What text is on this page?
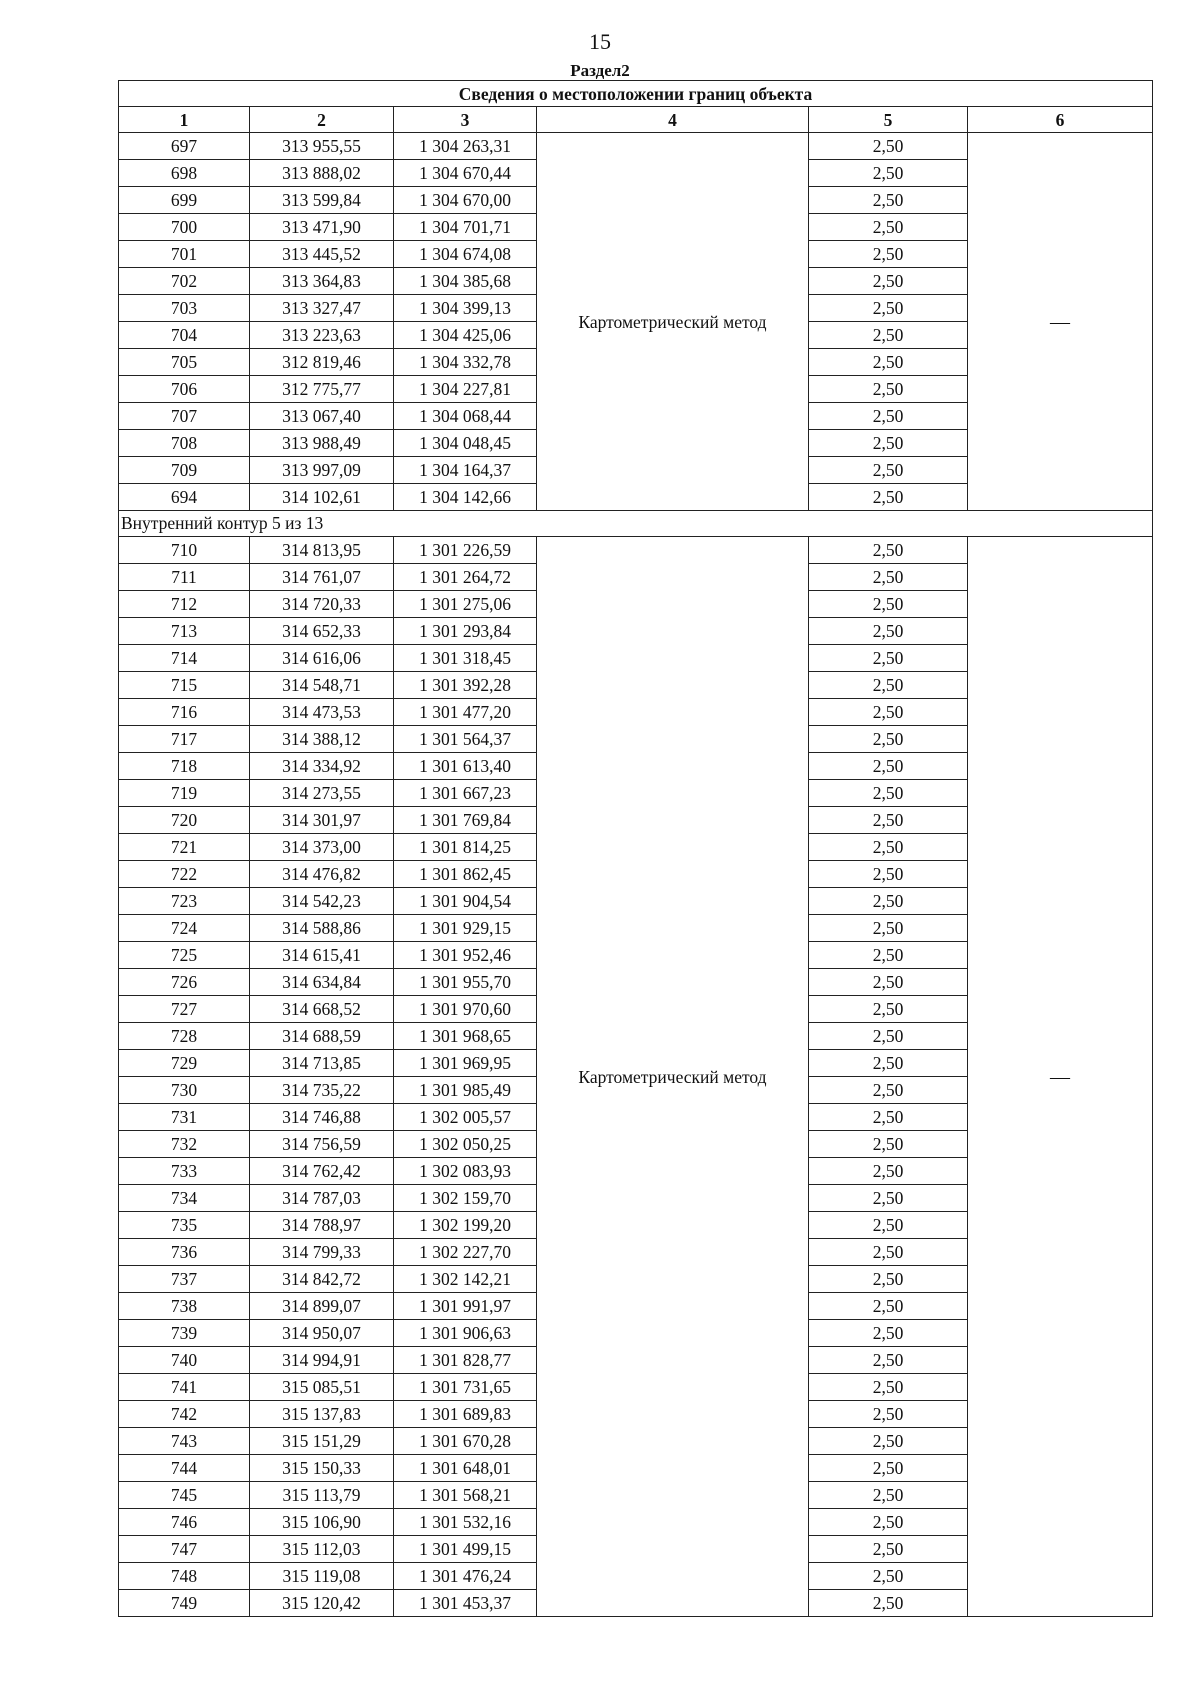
15
Раздел2
Сведения о местоположении границ объекта					
1	2	3	4	5	6
697	313 955,55	1 304 263,31	Картометрический метод	2,50	—
698	313 888,02	1 304 670,44		2,50	
699	313 599,84	1 304 670,00		2,50	
700	313 471,90	1 304 701,71		2,50	
701	313 445,52	1 304 674,08		2,50	
702	313 364,83	1 304 385,68		2,50	
703	313 327,47	1 304 399,13		2,50	
704	313 223,63	1 304 425,06		2,50	
705	312 819,46	1 304 332,78		2,50	
706	312 775,77	1 304 227,81		2,50	
707	313 067,40	1 304 068,44		2,50	
708	313 988,49	1 304 048,45		2,50	
709	313 997,09	1 304 164,37		2,50	
694	314 102,61	1 304 142,66		2,50	
Внутренний контур 5 из 13					
710	314 813,95	1 301 226,59	Картометрический метод	2,50	—
711	314 761,07	1 301 264,72		2,50	
712	314 720,33	1 301 275,06		2,50	
713	314 652,33	1 301 293,84		2,50	
714	314 616,06	1 301 318,45		2,50	
715	314 548,71	1 301 392,28		2,50	
716	314 473,53	1 301 477,20		2,50	
717	314 388,12	1 301 564,37		2,50	
718	314 334,92	1 301 613,40		2,50	
719	314 273,55	1 301 667,23		2,50	
720	314 301,97	1 301 769,84		2,50	
721	314 373,00	1 301 814,25		2,50	
722	314 476,82	1 301 862,45		2,50	
723	314 542,23	1 301 904,54		2,50	
724	314 588,86	1 301 929,15		2,50	
725	314 615,41	1 301 952,46		2,50	
726	314 634,84	1 301 955,70		2,50	
727	314 668,52	1 301 970,60		2,50	
728	314 688,59	1 301 968,65		2,50	
729	314 713,85	1 301 969,95		2,50	
730	314 735,22	1 301 985,49		2,50	
731	314 746,88	1 302 005,57		2,50	
732	314 756,59	1 302 050,25		2,50	
733	314 762,42	1 302 083,93		2,50	
734	314 787,03	1 302 159,70		2,50	
735	314 788,97	1 302 199,20		2,50	
736	314 799,33	1 302 227,70		2,50	
737	314 842,72	1 302 142,21		2,50	
738	314 899,07	1 301 991,97		2,50	
739	314 950,07	1 301 906,63		2,50	
740	314 994,91	1 301 828,77		2,50	
741	315 085,51	1 301 731,65		2,50	
742	315 137,83	1 301 689,83		2,50	
743	315 151,29	1 301 670,28		2,50	
744	315 150,33	1 301 648,01		2,50	
745	315 113,79	1 301 568,21		2,50	
746	315 106,90	1 301 532,16		2,50	
747	315 112,03	1 301 499,15		2,50	
748	315 119,08	1 301 476,24		2,50	
749	315 120,42	1 301 453,37		2,50	
